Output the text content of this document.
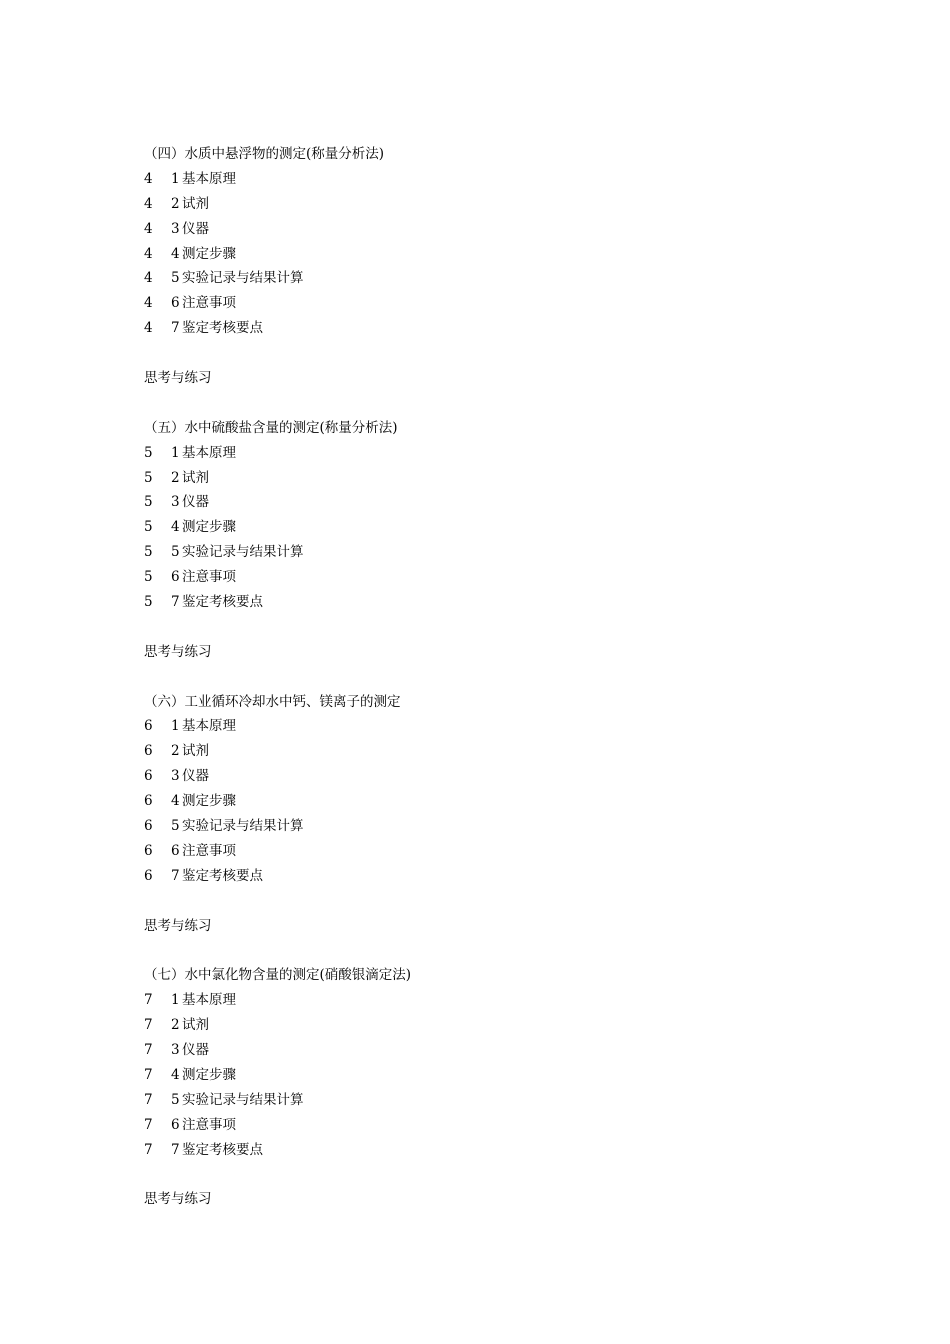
（四）水质中悬浮物的测定(称量分析法)
4 1 基本原理
4 2 试剂
4 3 仪器
4 4 测定步骤
4 5 实验记录与结果计算
4 6 注意事项
4 7 鉴定考核要点
思考与练习
（五）水中硫酸盐含量的测定(称量分析法)
5 1 基本原理
5 2 试剂
5 3 仪器
5 4 测定步骤
5 5 实验记录与结果计算
5 6 注意事项
5 7 鉴定考核要点
思考与练习
（六）工业循环冷却水中钙、镁离子的测定
6 1 基本原理
6 2 试剂
6 3 仪器
6 4 测定步骤
6 5 实验记录与结果计算
6 6 注意事项
6 7 鉴定考核要点
思考与练习
（七）水中氯化物含量的测定(硝酸银滴定法)
7 1 基本原理
7 2 试剂
7 3 仪器
7 4 测定步骤
7 5 实验记录与结果计算
7 6 注意事项
7 7 鉴定考核要点
思考与练习
